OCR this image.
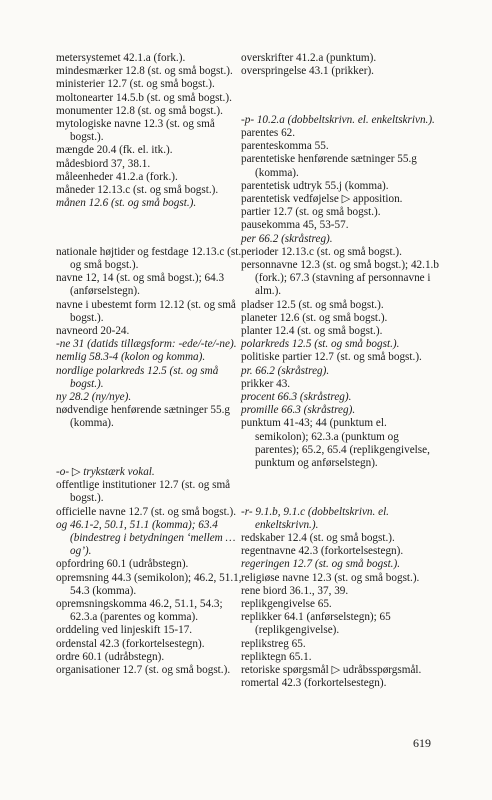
metersystemet 42.1.a (fork.).

mindesmærker 12.8 (st. og små bogst.).

ministerier 12.7 (st. og små bogst.).

moltonearter 14.5.b (st. og små bogst.).

monumenter 12.8 (st. og små bogst.).

mytologiske navne 12.3 (st. og små bogst.).

mængde 20.4 (fk. el. itk.).

mådesbiord 37, 38.1.

måleenheder 41.2.a (fork.).

måneder 12.13.c (st. og små bogst.).

månen 12.6 (st. og små bogst.).

nationale højtider og festdage 12.13.c (st. og små bogst.).

navne 12, 14 (st. og små bogst.); 64.3 (anførselstegn).

navne i ubestemt form 12.12 (st. og små bogst.).

navneord 20-24.

-ne 31 (datids tillægsform: -ede/-te/-ne).

nemlig 58.3-4 (kolon og komma).

nordlige polarkreds 12.5 (st. og små bogst.).

ny 28.2 (ny/nye).

nødvendige henførende sætninger 55.g (komma).

-o- ▷ trykstærk vokal.

offentlige institutioner 12.7 (st. og små bogst.).

officielle navne 12.7 (st. og små bogst.).

og 46.1-2, 50.1, 51.1 (komma); 63.4 (bindestreg i betydningen ‘mellem … og’).

opfordring 60.1 (udråbstegn).

opremsning 44.3 (semikolon); 46.2, 51.1, 54.3 (komma).

opremsningskomma 46.2, 51.1, 54.3; 62.3.a (parentes og komma).

orddeling ved linjeskift 15-17.

ordenstal 42.3 (forkortelsestegn).

ordre 60.1 (udråbstegn).

organisationer 12.7 (st. og små bogst.).

overskrifter 41.2.a (punktum).

overspringelse 43.1 (prikker).

-p- 10.2.a (dobbeltskrivn. el. enkeltskrivn.).

parentes 62.

parenteskomma 55.

parentetiske henførende sætninger 55.g (komma).

parentetisk udtryk 55.j (komma).

parentetisk vedføjelse ▷ apposition.

partier 12.7 (st. og små bogst.).

pausekomma 45, 53-57.

per 66.2 (skråstreg).

perioder 12.13.c (st. og små bogst.).

personnavne 12.3 (st. og små bogst.); 42.1.b (fork.); 67.3 (stavning af personnavne i alm.).

pladser 12.5 (st. og små bogst.).

planeter 12.6 (st. og små bogst.).

planter 12.4 (st. og små bogst.).

polarkreds 12.5 (st. og små bogst.).

politiske partier 12.7 (st. og små bogst.).

pr. 66.2 (skråstreg).

prikker 43.

procent 66.3 (skråstreg).

promille 66.3 (skråstreg).

punktum 41-43; 44 (punktum el. semikolon); 62.3.a (punktum og parentes); 65.2, 65.4 (replikgengivelse, punktum og anførselstegn).

-r- 9.1.b, 9.1.c (dobbeltskrivn. el. enkeltskrivn.).

redskaber 12.4 (st. og små bogst.).

regentnavne 42.3 (forkortelsestegn).

regeringen 12.7 (st. og små bogst.).

religiøse navne 12.3 (st. og små bogst.).

rene biord 36.1., 37, 39.

replikgengivelse 65.

replikker 64.1 (anførselstegn); 65 (replikgengivelse).

replikstreg 65.

repliktegn 65.1.

retoriske spørgsmål ▷ udråbsspørgsmål.

romertal 42.3 (forkortelsestegn).

619
